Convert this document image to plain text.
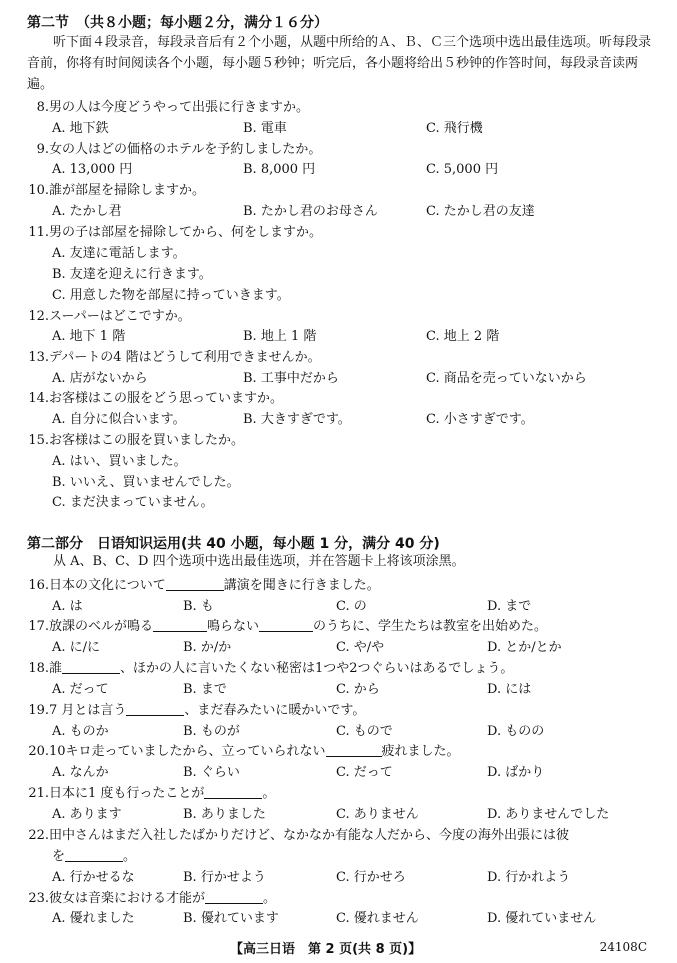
第二节　（共８小题；每小题２分，满分１６分）
听下面４段录音，每段录音后有２个小题，从题中所给的Ａ、Ｂ、Ｃ三个选项中选出最佳选项。听每段录音前，你将有时间阅读各个小题，每小题５秒钟；听完后，各小题将给出５秒钟的作答时间，每段录音读两遍。
8.男の人は今度どうやって出張に行きますか。
A. 地下鉄	B. 電車	C. 飛行機
9.女の人はどの価格のホテルを予約しましたか。
A. 13,000 円	B. 8,000 円	C. 5,000 円
10.誰が部屋を掃除しますか。
A. たかし君	B. たかし君のお母さん	C. たかし君の友達
11.男の子は部屋を掃除してから、何をしますか。
A. 友達に電話します。
B. 友達を迎えに行きます。
C. 用意した物を部屋に持っていきます。
12.スーパーはどこですか。
A. 地下 1 階	B. 地上 1 階	C. 地上 2 階
13.デパートの4 階はどうして利用できませんか。
A. 店がないから	B. 工事中だから	C. 商品を売っていないから
14.お客様はこの服をどう思っていますか。
A. 自分に似合います。	B. 大きすぎです。	C. 小さすぎです。
15.お客様はこの服を買いましたか。
A. はい、買いました。
B. いいえ、買いませんでした。
C. まだ決まっていません。
第二部分　日语知识运用(共 40 小题，每小题 1 分，满分 40 分)
从 A、B、C、D 四个选项中选出最佳选项，并在答题卡上将该项涂黑。
16.日本の文化について	講演を聞きに行きました。
A. は	B. も	C. の	D. まで
17.放課のベルが鳴る	鳴らない	のうちに、学生たちは教室を出始めた。
A. に/に	B. か/か	C. や/や	D. とか/とか
18.誰	、ほかの人に言いたくない秘密は1つや2つぐらいはあるでしょう。
A. だって	B. まで	C. から	D. には
19.7 月とは言う	、まだ春みたいに暖かいです。
A. ものか	B. ものが	C. もので	D. ものの
20.10キロ走っていましたから、立っていられない	疲れました。
A. なんか	B. ぐらい	C. だって	D. ばかり
21.日本に1 度も行ったことが	。
A. あります	B. ありました	C. ありません	D. ありませんでした
22.田中さんはまだ入社したばかりだけど、なかなか有能な人だから、今度の海外出張には彼
を	。
A. 行かせるな	B. 行かせよう	C. 行かせろ	D. 行かれよう
23.彼女は音楽における才能が	。
A. 優れました	B. 優れています	C. 優れません	D. 優れていません
【高三日语　第 2 页(共 8 页)】	24108C
